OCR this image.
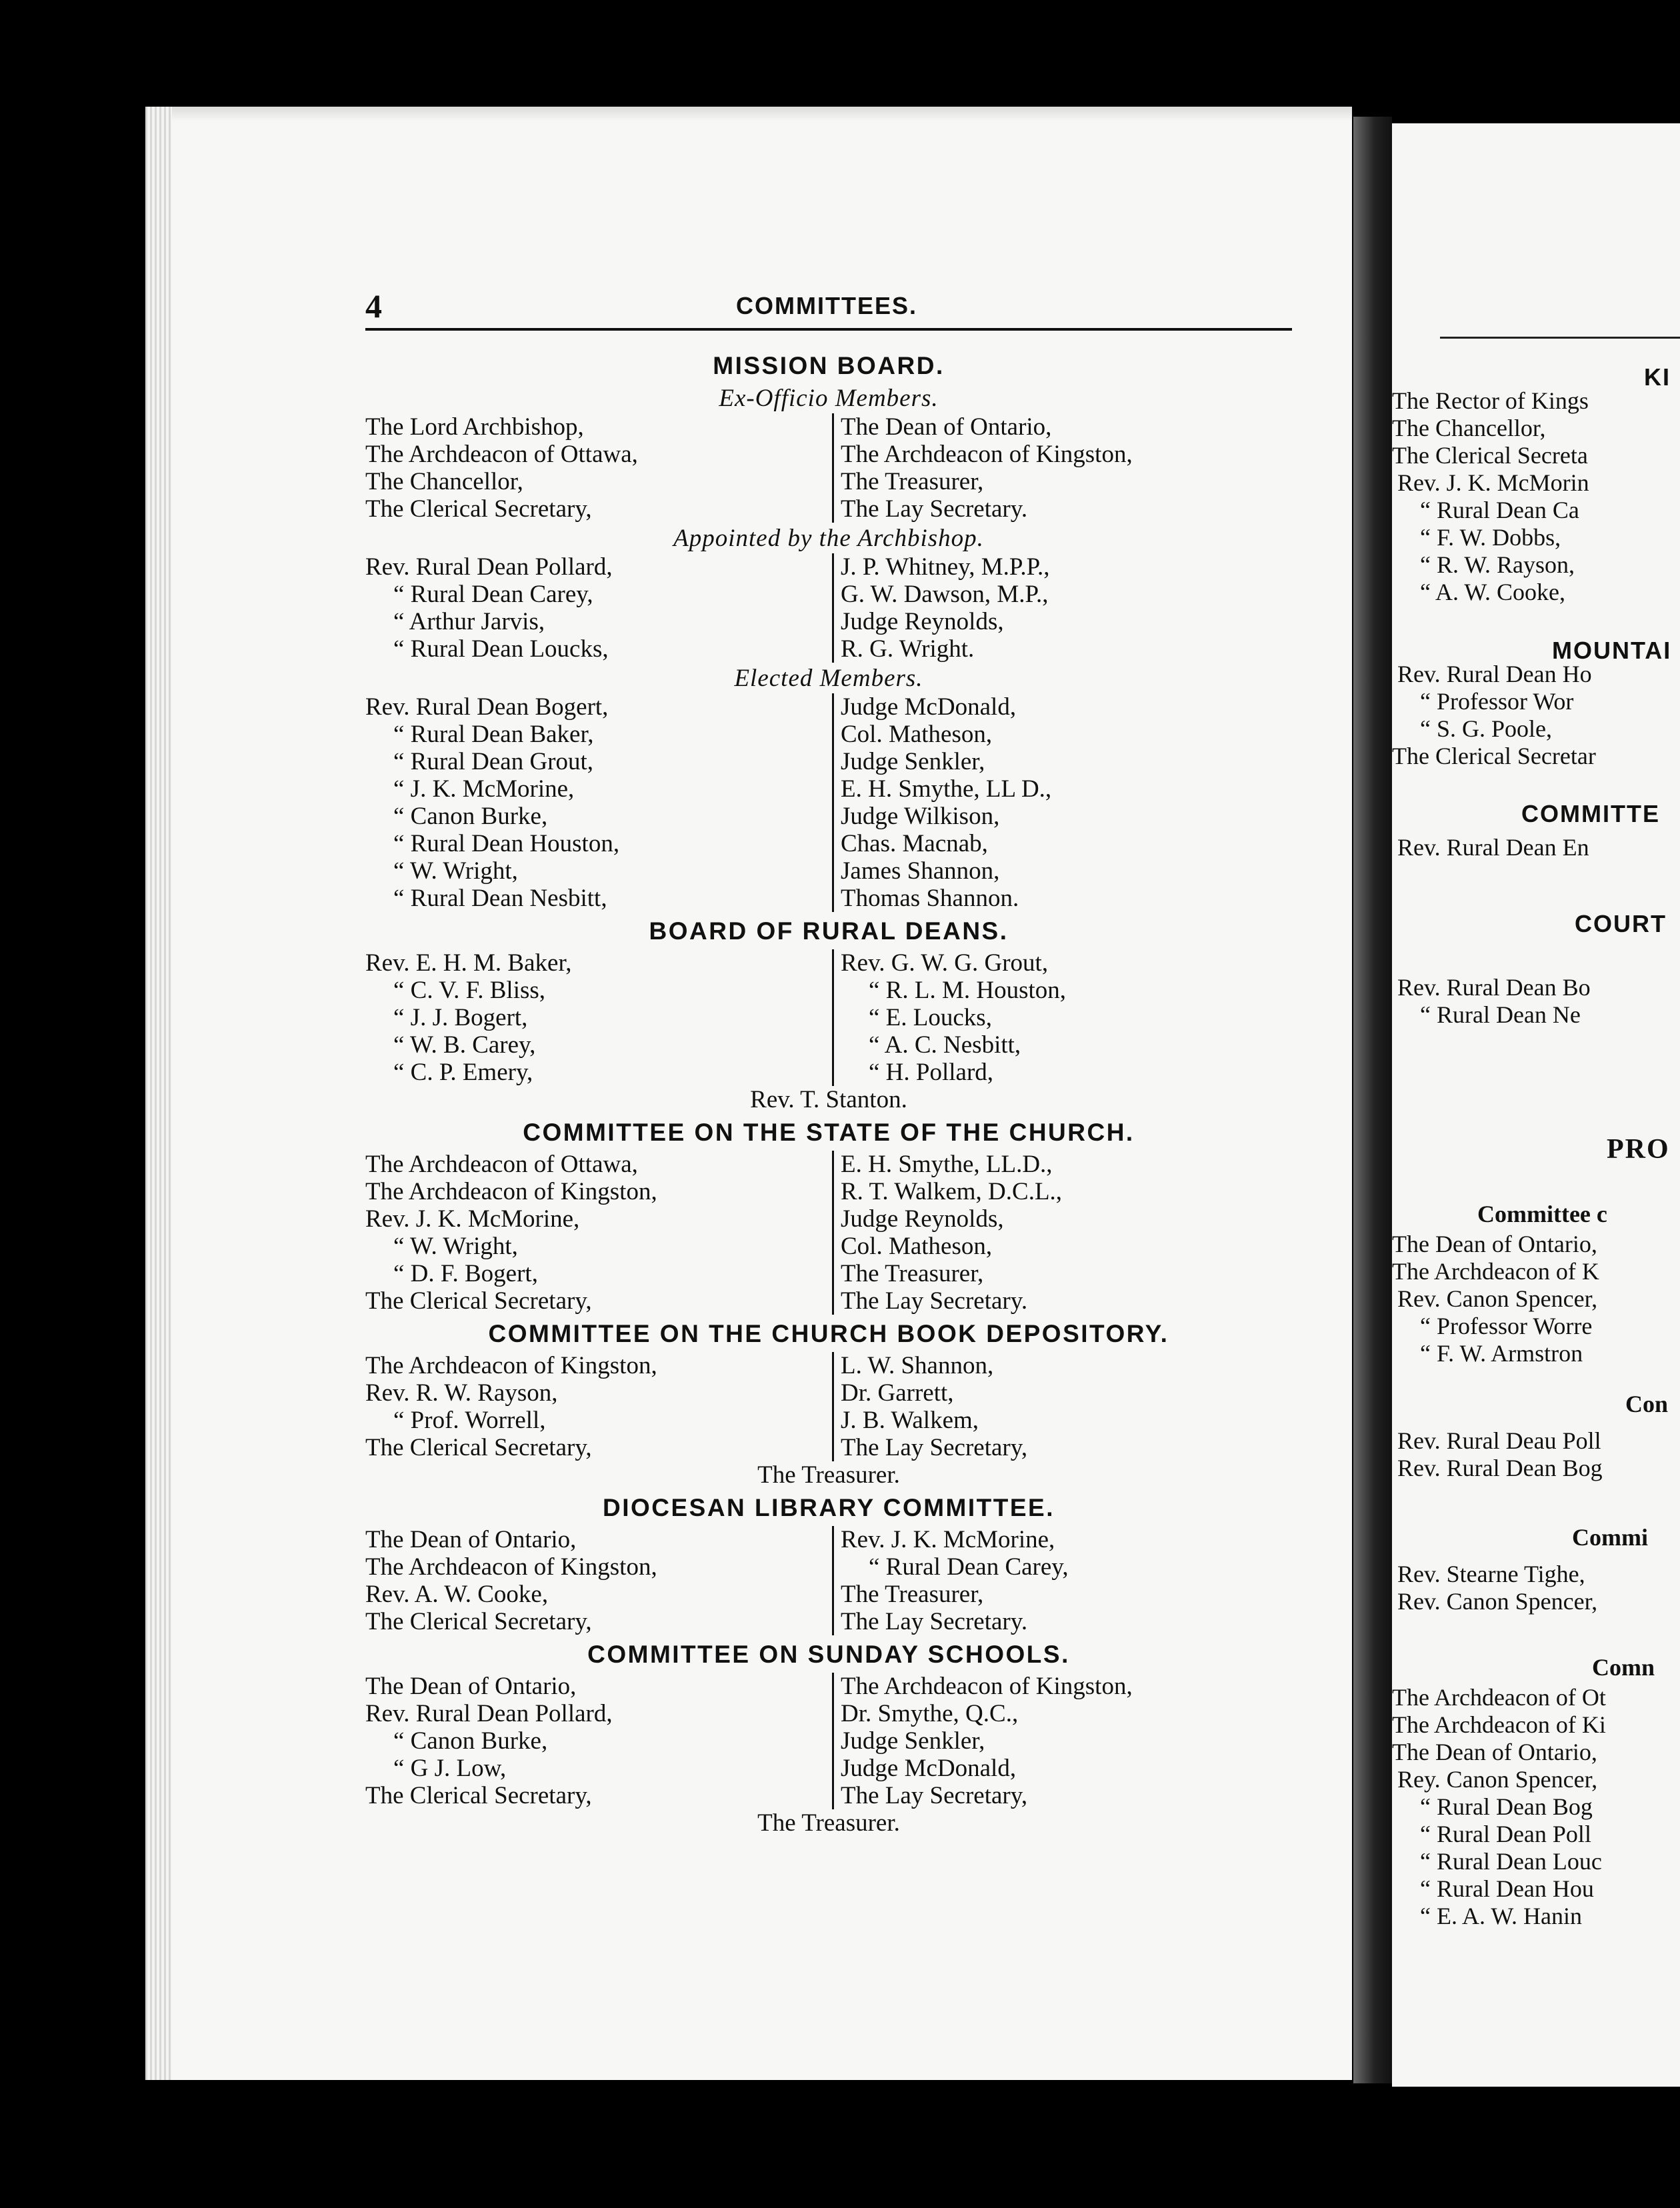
4	COMMITTEES.
MISSION BOARD.
Ex-Officio Members.
The Lord Archbishop,
The Archdeacon of Ottawa,
The Chancellor,
The Clerical Secretary,
The Dean of Ontario,
The Archdeacon of Kingston,
The Treasurer,
The Lay Secretary.
Appointed by the Archbishop.
Rev. Rural Dean Pollard,
“ Rural Dean Carey,
“ Arthur Jarvis,
“ Rural Dean Loucks,
J. P. Whitney, M.P.P.,
G. W. Dawson, M.P.,
Judge Reynolds,
R. G. Wright.
Elected Members.
Rev. Rural Dean Bogert,
“ Rural Dean Baker,
“ Rural Dean Grout,
“ J. K. McMorine,
“ Canon Burke,
“ Rural Dean Houston,
“ W. Wright,
“ Rural Dean Nesbitt,
Judge McDonald,
Col. Matheson,
Judge Senkler,
E. H. Smythe, LL D.,
Judge Wilkison,
Chas. Macnab,
James Shannon,
Thomas Shannon.
BOARD OF RURAL DEANS.
Rev. E. H. M. Baker,
“ C. V. F. Bliss,
“ J. J. Bogert,
“ W. B. Carey,
“ C. P. Emery,
Rev. G. W. G. Grout,
“ R. L. M. Houston,
“ E. Loucks,
“ A. C. Nesbitt,
“ H. Pollard,
Rev. T. Stanton.
COMMITTEE ON THE STATE OF THE CHURCH.
The Archdeacon of Ottawa,
The Archdeacon of Kingston,
Rev. J. K. McMorine,
“ W. Wright,
“ D. F. Bogert,
The Clerical Secretary,
E. H. Smythe, LL.D.,
R. T. Walkem, D.C.L.,
Judge Reynolds,
Col. Matheson,
The Treasurer,
The Lay Secretary.
COMMITTEE ON THE CHURCH BOOK DEPOSITORY.
The Archdeacon of Kingston,
Rev. R. W. Rayson,
“ Prof. Worrell,
The Clerical Secretary,
L. W. Shannon,
Dr. Garrett,
J. B. Walkem,
The Lay Secretary,
The Treasurer.
DIOCESAN LIBRARY COMMITTEE.
The Dean of Ontario,
The Archdeacon of Kingston,
Rev. A. W. Cooke,
The Clerical Secretary,
Rev. J. K. McMorine,
“ Rural Dean Carey,
The Treasurer,
The Lay Secretary.
COMMITTEE ON SUNDAY SCHOOLS.
The Dean of Ontario,
Rev. Rural Dean Pollard,
“ Canon Burke,
“ G J. Low,
The Clerical Secretary,
The Archdeacon of Kingston,
Dr. Smythe, Q.C.,
Judge Senkler,
Judge McDonald,
The Lay Secretary,
The Treasurer.
KI
The Rector of Kings
The Chancellor,
The Clerical Secreta
Rev. J. K. McMorin
“ Rural Dean Ca
“ F. W. Dobbs,
“ R. W. Rayson,
“ A. W. Cooke,
MOUNTAI
Rev. Rural Dean Ho
“ Professor Wor
“ S. G. Poole,
The Clerical Secretar
COMMITTE
Rev. Rural Dean En
COURT
Rev. Rural Dean Bo
“ Rural Dean Ne
PRO
Committee c
The Dean of Ontario,
The Archdeacon of K
Rev. Canon Spencer,
“ Professor Worre
“ F. W. Armstron
Con
Rev. Rural Deau Poll
Rev. Rural Dean Bog
Commi
Rev. Stearne Tighe,
Rev. Canon Spencer,
Comn
The Archdeacon of Ot
The Archdeacon of Ki
The Dean of Ontario,
Rey. Canon Spencer,
“ Rural Dean Bog
“ Rural Dean Poll
“ Rural Dean Louc
“ Rural Dean Hou
“ E. A. W. Hanin
